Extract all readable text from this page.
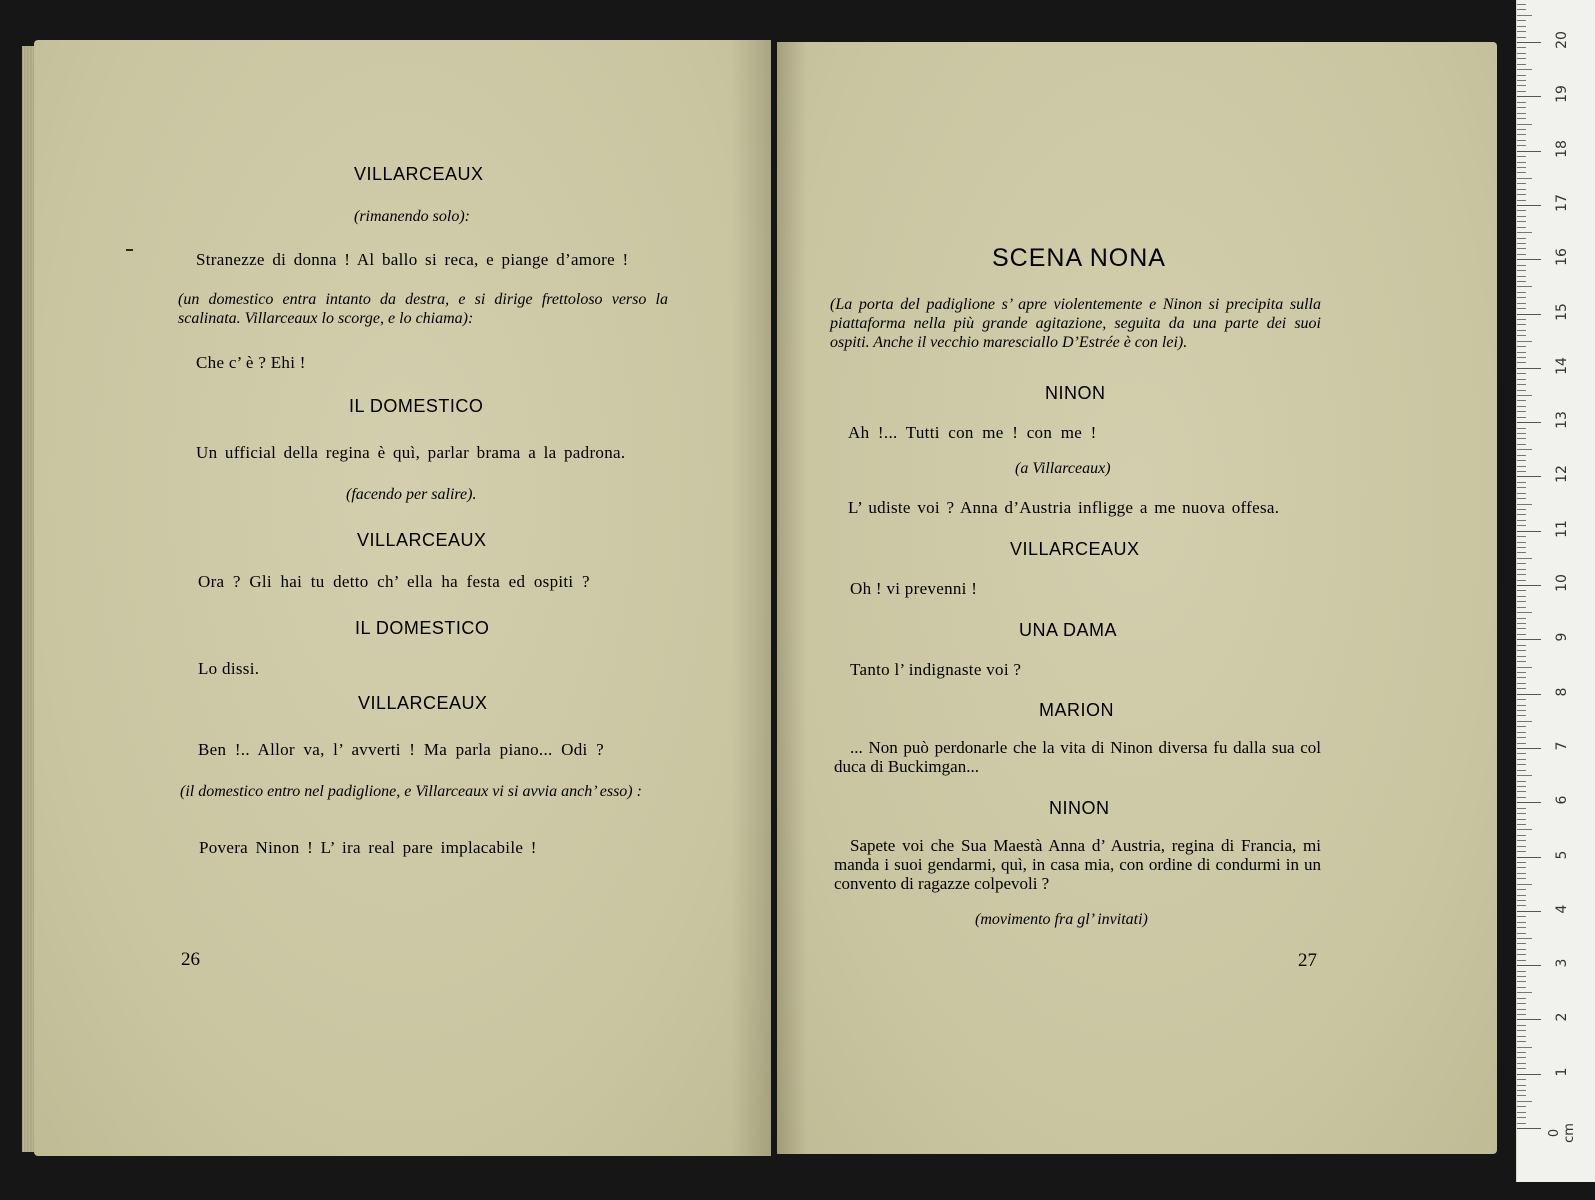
VILLARCEAUX
(rimanendo solo):
Stranezze di donna ! Al ballo si reca, e piange d’amore !
(un domestico entra intanto da destra, e si dirige frettoloso verso la scalinata. Villarceaux lo scorge, e lo chiama):
Che c’ è ? Ehi !
IL DOMESTICO
Un ufficial della regina è quì, parlar brama a la padrona.
(facendo per salire).
VILLARCEAUX
Ora ? Gli hai tu detto ch’ ella ha festa ed ospiti ?
IL DOMESTICO
Lo dissi.
VILLARCEAUX
Ben !.. Allor va, l’ avverti ! Ma parla piano... Odi ?
(il domestico entro nel padiglione, e Villarceaux vi si avvia anch’ esso) :
Povera Ninon ! L’ ira real pare implacabile !
26
SCENA NONA
(La porta del padiglione s’ apre violentemente e Ninon si precipita sulla piattaforma nella più grande agitazione, seguita da una parte dei suoi ospiti. Anche il vecchio maresciallo D’Estrée è con lei).
NINON
Ah !... Tutti con me ! con me !
(a Villarceaux)
L’ udiste voi ? Anna d’Austria infligge a me nuova offesa.
VILLARCEAUX
Oh ! vi prevenni !
UNA DAMA
Tanto l’ indignaste voi ?
MARION
... Non può perdonarle che la vita di Ninon diversa fu dalla sua col duca di Buckimgan...
NINON
Sapete voi che Sua Maestà Anna d’ Austria, regina di Francia, mi manda i suoi gendarmi, quì, in casa mia, con ordine di condurmi in un convento di ragazze colpevoli ?
(movimento fra gl’ invitati)
27
0 cm
1
2
3
4
5
6
7
8
9
10
11
12
13
14
15
16
17
18
19
20
